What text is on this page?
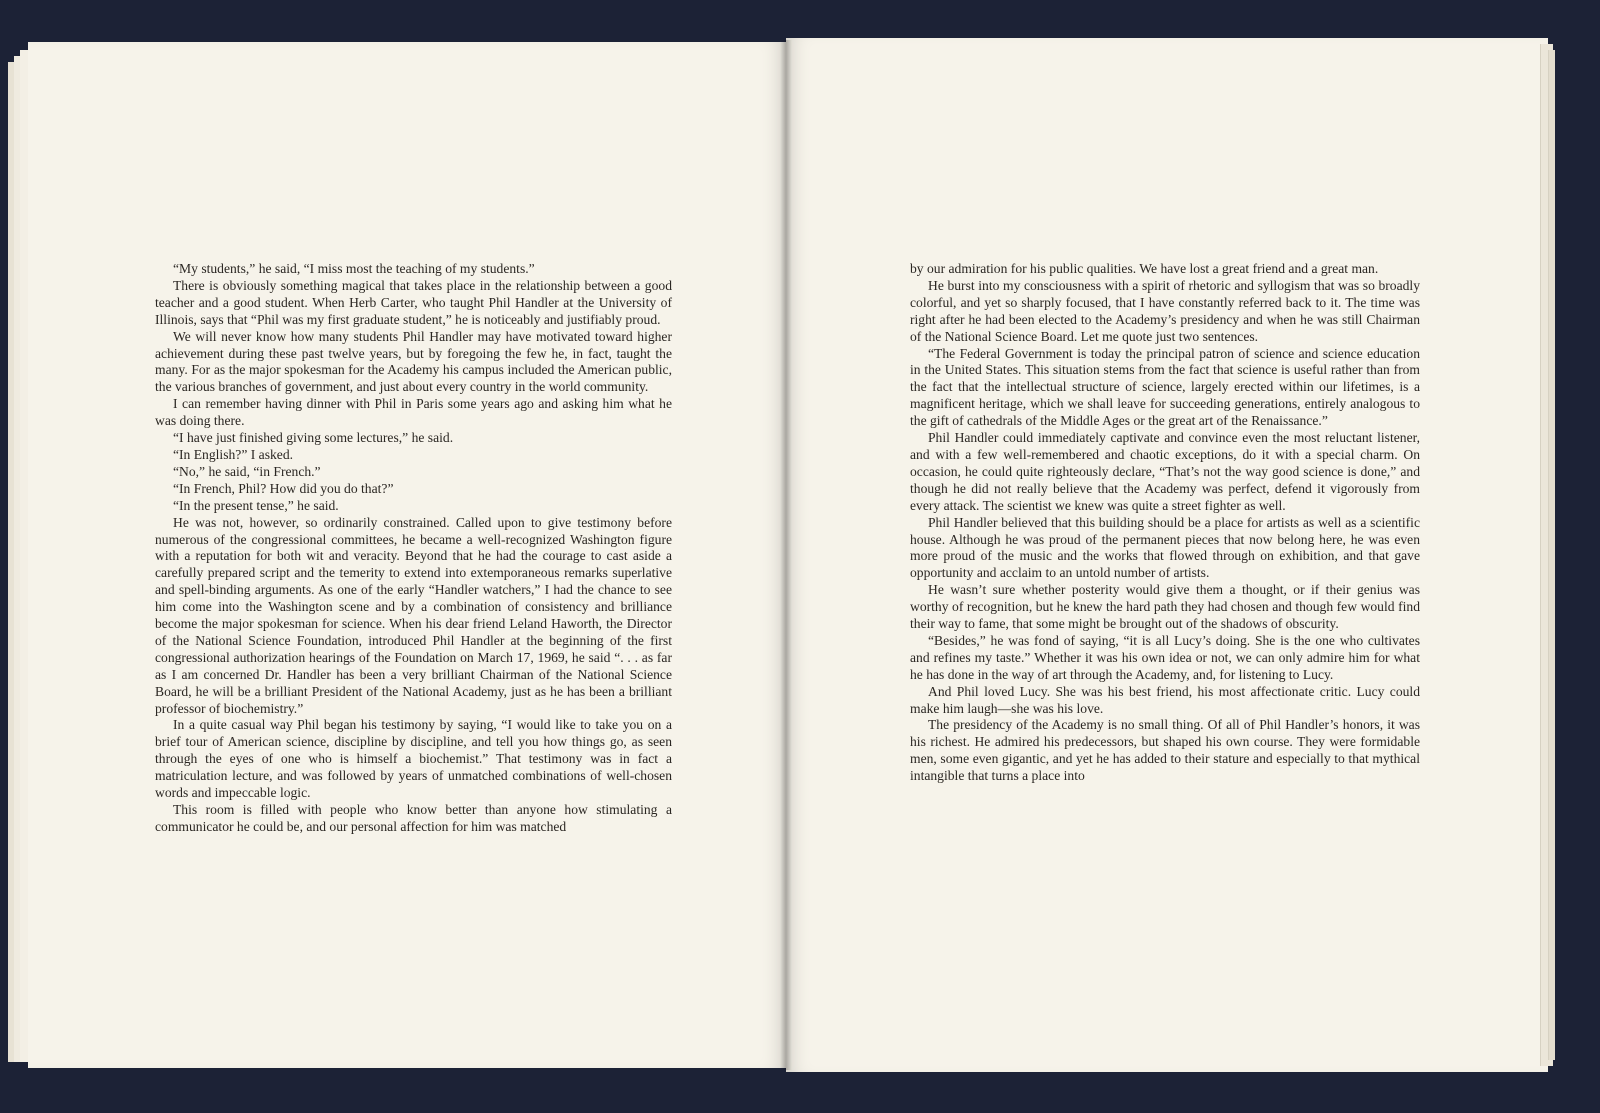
“My students,” he said, “I miss most the teaching of my students.”

There is obviously something magical that takes place in the relationship between a good teacher and a good student. When Herb Carter, who taught Phil Handler at the University of Illinois, says that “Phil was my first graduate student,” he is noticeably and justifiably proud.

We will never know how many students Phil Handler may have motivated toward higher achievement during these past twelve years, but by foregoing the few he, in fact, taught the many. For as the major spokesman for the Academy his campus included the American public, the various branches of government, and just about every country in the world community.

I can remember having dinner with Phil in Paris some years ago and asking him what he was doing there.

“I have just finished giving some lectures,” he said.

“In English?” I asked.

“No,” he said, “in French.”

“In French, Phil? How did you do that?”

“In the present tense,” he said.

He was not, however, so ordinarily constrained. Called upon to give testimony before numerous of the congressional committees, he became a well-recognized Washington figure with a reputation for both wit and veracity. Beyond that he had the courage to cast aside a carefully prepared script and the temerity to extend into extemporaneous remarks superlative and spell-binding arguments. As one of the early “Handler watchers,” I had the chance to see him come into the Washington scene and by a combination of consistency and brilliance become the major spokesman for science. When his dear friend Leland Haworth, the Director of the National Science Foundation, introduced Phil Handler at the beginning of the first congressional authorization hearings of the Foundation on March 17, 1969, he said “. . . as far as I am concerned Dr. Handler has been a very brilliant Chairman of the National Science Board, he will be a brilliant President of the National Academy, just as he has been a brilliant professor of biochemistry.”

In a quite casual way Phil began his testimony by saying, “I would like to take you on a brief tour of American science, discipline by discipline, and tell you how things go, as seen through the eyes of one who is himself a biochemist.” That testimony was in fact a matriculation lecture, and was followed by years of unmatched combinations of well-chosen words and impeccable logic.

This room is filled with people who know better than anyone how stimulating a communicator he could be, and our personal affection for him was matched

by our admiration for his public qualities. We have lost a great friend and a great man.

He burst into my consciousness with a spirit of rhetoric and syllogism that was so broadly colorful, and yet so sharply focused, that I have constantly referred back to it. The time was right after he had been elected to the Academy’s presidency and when he was still Chairman of the National Science Board. Let me quote just two sentences.

“The Federal Government is today the principal patron of science and science education in the United States. This situation stems from the fact that science is useful rather than from the fact that the intellectual structure of science, largely erected within our lifetimes, is a magnificent heritage, which we shall leave for succeeding generations, entirely analogous to the gift of cathedrals of the Middle Ages or the great art of the Renaissance.”

Phil Handler could immediately captivate and convince even the most reluctant listener, and with a few well-remembered and chaotic exceptions, do it with a special charm. On occasion, he could quite righteously declare, “That’s not the way good science is done,” and though he did not really believe that the Academy was perfect, defend it vigorously from every attack. The scientist we knew was quite a street fighter as well.

Phil Handler believed that this building should be a place for artists as well as a scientific house. Although he was proud of the permanent pieces that now belong here, he was even more proud of the music and the works that flowed through on exhibition, and that gave opportunity and acclaim to an untold number of artists.

He wasn’t sure whether posterity would give them a thought, or if their genius was worthy of recognition, but he knew the hard path they had chosen and though few would find their way to fame, that some might be brought out of the shadows of obscurity.

“Besides,” he was fond of saying, “it is all Lucy’s doing. She is the one who cultivates and refines my taste.” Whether it was his own idea or not, we can only admire him for what he has done in the way of art through the Academy, and, for listening to Lucy.

And Phil loved Lucy. She was his best friend, his most affectionate critic. Lucy could make him laugh—she was his love.

The presidency of the Academy is no small thing. Of all of Phil Handler’s honors, it was his richest. He admired his predecessors, but shaped his own course. They were formidable men, some even gigantic, and yet he has added to their stature and especially to that mythical intangible that turns a place into
